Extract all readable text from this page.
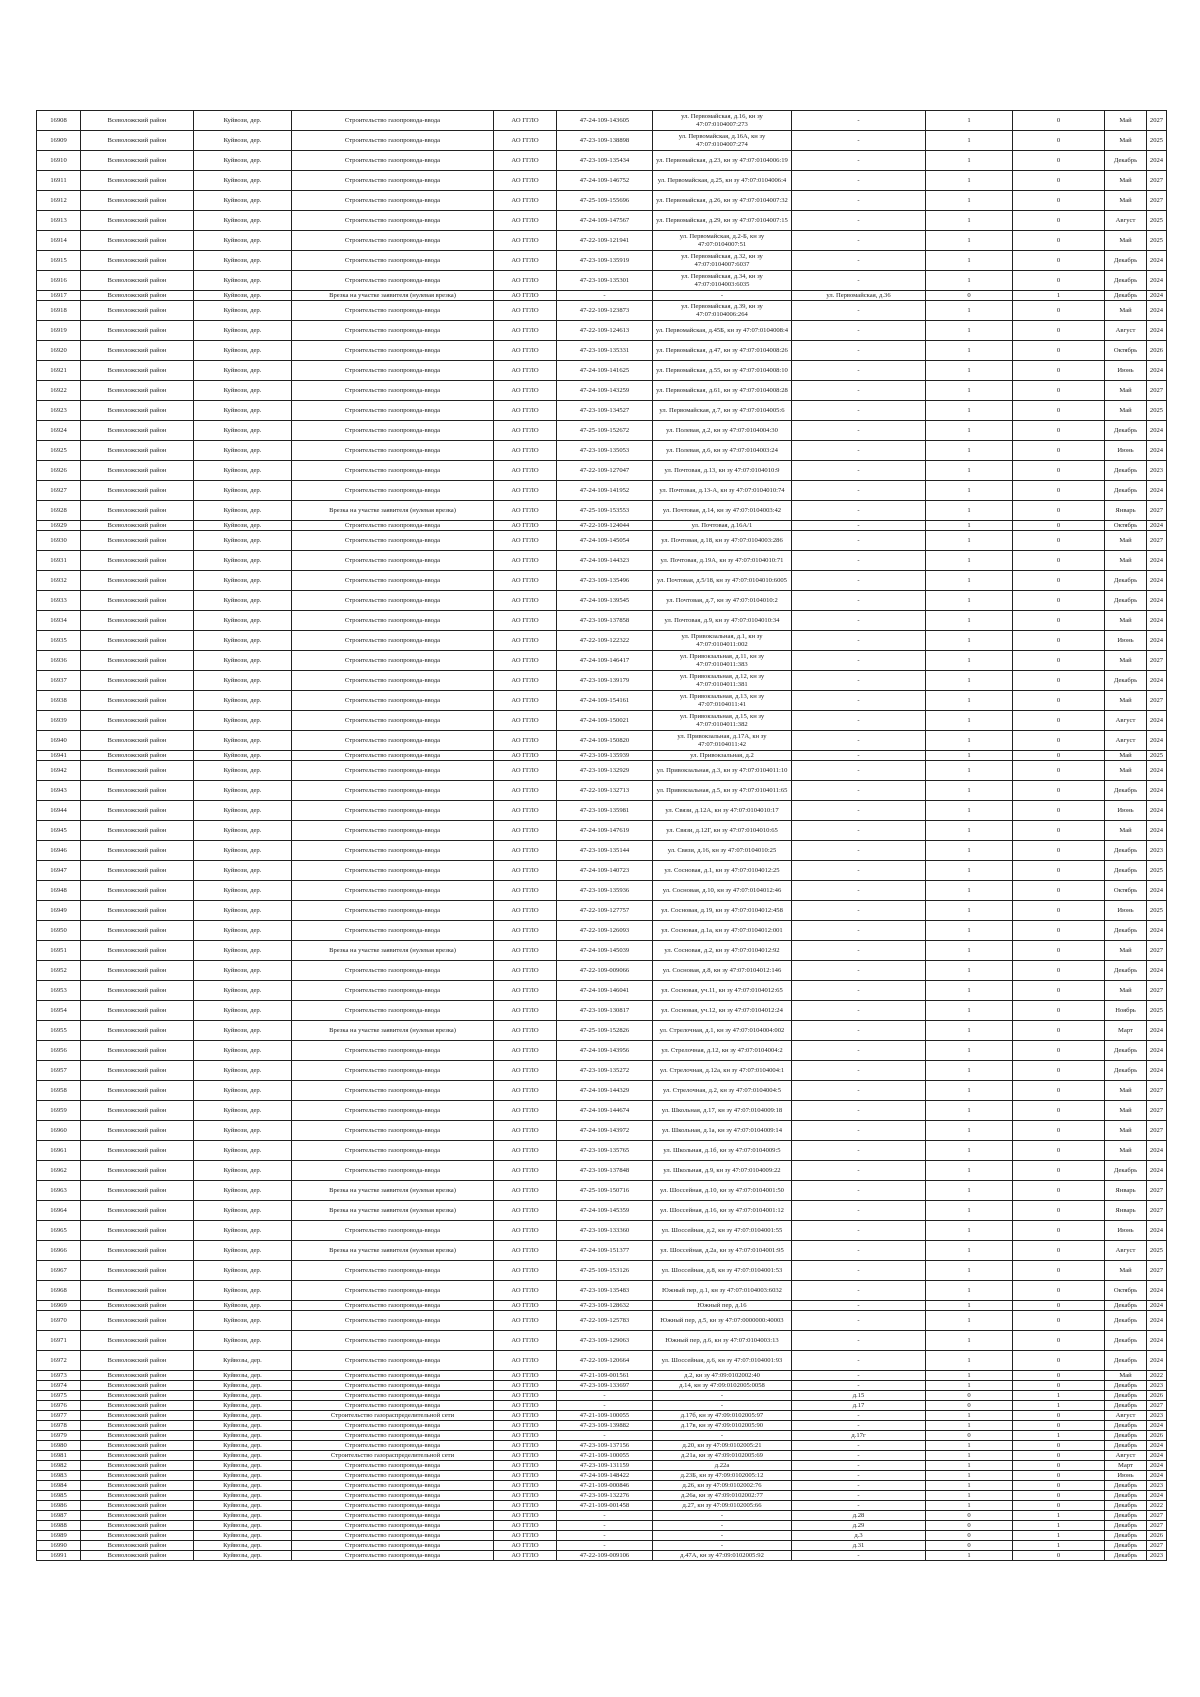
16908	Всеволожский район	Куйвози, дер.	Строительство газопровода-ввода	АО ГГЛО	47-24-109-143605	ул. Первомайская, д.16, кн зу 47:07:0104007:273	-	1	0	Май	2027
16909	Всеволожский район	Куйвози, дер.	Строительство газопровода-ввода	АО ГГЛО	47-23-109-138898	ул. Первомайская, д.16А, кн зу 47:07:0104007:274	-	1	0	Май	2025
16910	Всеволожский район	Куйвози, дер.	Строительство газопровода-ввода	АО ГГЛО	47-23-109-135434	ул. Первомайская, д.23, кн зу 47:07:0104006:19	-	1	0	Декабрь	2024
16911	Всеволожский район	Куйвози, дер.	Строительство газопровода-ввода	АО ГГЛО	47-24-109-146752	ул. Первомайская, д.25, кн зу 47:07:0104006:4	-	1	0	Май	2027
16912	Всеволожский район	Куйвози, дер.	Строительство газопровода-ввода	АО ГГЛО	47-25-109-155696	ул. Первомайская, д.26, кн зу 47:07:0104007:32	-	1	0	Май	2027
16913	Всеволожский район	Куйвози, дер.	Строительство газопровода-ввода	АО ГГЛО	47-24-109-147567	ул. Первомайская, д.29, кн зу 47:07:0104007:15	-	1	0	Август	2025
16914	Всеволожский район	Куйвози, дер.	Строительство газопровода-ввода	АО ГГЛО	47-22-109-121941	ул. Первомайская, д.2-Б, кн зу 47:07:0104007:51	-	1	0	Май	2025
16915	Всеволожский район	Куйвози, дер.	Строительство газопровода-ввода	АО ГГЛО	47-23-109-135919	ул. Первомайская, д.32, кн зу 47:07:0104007:6037	-	1	0	Декабрь	2024
16916	Всеволожский район	Куйвози, дер.	Строительство газопровода-ввода	АО ГГЛО	47-23-109-135301	ул. Первомайская, д.34, кн зу 47:07:0104003:6035	-	1	0	Декабрь	2024
16917	Всеволожский район	Куйвози, дер.	Врезка на участке заявителя (нулевая врезка)	АО ГГЛО	-	-	ул. Первомайская, д.36	0	1	Декабрь	2024
16918	Всеволожский район	Куйвози, дер.	Строительство газопровода-ввода	АО ГГЛО	47-22-109-123873	ул. Первомайская, д.39, кн зу 47:07:0104006:264	-	1	0	Май	2024
16919	Всеволожский район	Куйвози, дер.	Строительство газопровода-ввода	АО ГГЛО	47-22-109-124613	ул. Первомайская, д.45Б, кн зу 47:07:0104008:4	-	1	0	Август	2024
16920	Всеволожский район	Куйвози, дер.	Строительство газопровода-ввода	АО ГГЛО	47-23-109-135331	ул. Первомайская, д.47, кн зу 47:07:0104008:26	-	1	0	Октябрь	2026
16921	Всеволожский район	Куйвози, дер.	Строительство газопровода-ввода	АО ГГЛО	47-24-109-141625	ул. Первомайская, д.55, кн зу 47:07:0104008:10	-	1	0	Июнь	2024
16922	Всеволожский район	Куйвози, дер.	Строительство газопровода-ввода	АО ГГЛО	47-24-109-143259	ул. Первомайская, д.61, кн зу 47:07:0104008:28	-	1	0	Май	2027
16923	Всеволожский район	Куйвози, дер.	Строительство газопровода-ввода	АО ГГЛО	47-23-109-134527	ул. Первомайская, д.7, кн зу 47:07:0104005:6	-	1	0	Май	2025
16924	Всеволожский район	Куйвози, дер.	Строительство газопровода-ввода	АО ГГЛО	47-25-109-152672	ул. Полевая, д.2, кн зу 47:07:0104004:30	-	1	0	Декабрь	2024
16925	Всеволожский район	Куйвози, дер.	Строительство газопровода-ввода	АО ГГЛО	47-23-109-135053	ул. Полевая, д.6, кн зу 47:07:0104003:24	-	1	0	Июнь	2024
16926	Всеволожский район	Куйвози, дер.	Строительство газопровода-ввода	АО ГГЛО	47-22-109-127047	ул. Почтовая, д.13, кн зу 47:07:0104010:9	-	1	0	Декабрь	2023
16927	Всеволожский район	Куйвози, дер.	Строительство газопровода-ввода	АО ГГЛО	47-24-109-141952	ул. Почтовая, д.13-А, кн зу 47:07:0104010:74	-	1	0	Декабрь	2024
16928	Всеволожский район	Куйвози, дер.	Врезка на участке заявителя (нулевая врезка)	АО ГГЛО	47-25-109-153553	ул. Почтовая, д.14, кн зу 47:07:0104003:42	-	1	0	Январь	2027
16929	Всеволожский район	Куйвози, дер.	Строительство газопровода-ввода	АО ГГЛО	47-22-109-124044	ул. Почтовая, д.16А/1	-	1	0	Октябрь	2024
16930	Всеволожский район	Куйвози, дер.	Строительство газопровода-ввода	АО ГГЛО	47-24-109-145054	ул. Почтовая, д.18, кн зу 47:07:0104003:286	-	1	0	Май	2027
16931	Всеволожский район	Куйвози, дер.	Строительство газопровода-ввода	АО ГГЛО	47-24-109-144323	ул. Почтовая, д.19А, кн зу 47:07:0104010:71	-	1	0	Май	2024
16932	Всеволожский район	Куйвози, дер.	Строительство газопровода-ввода	АО ГГЛО	47-23-109-135496	ул. Почтовая, д.5/18, кн зу 47:07:0104010:6005	-	1	0	Декабрь	2024
16933	Всеволожский район	Куйвози, дер.	Строительство газопровода-ввода	АО ГГЛО	47-24-109-139545	ул. Почтовая, д.7, кн зу 47:07:0104010:2	-	1	0	Декабрь	2024
16934	Всеволожский район	Куйвози, дер.	Строительство газопровода-ввода	АО ГГЛО	47-23-109-137858	ул. Почтовая, д.9, кн зу 47:07:0104010:34	-	1	0	Май	2024
16935	Всеволожский район	Куйвози, дер.	Строительство газопровода-ввода	АО ГГЛО	47-22-109-122322	ул. Привокзальная, д.1, кн зу 47:07:0104011:002	-	1	0	Июнь	2024
16936	Всеволожский район	Куйвози, дер.	Строительство газопровода-ввода	АО ГГЛО	47-24-109-146417	ул. Привокзальная, д.11, кн зу 47:07:0104011:383	-	1	0	Май	2027
16937	Всеволожский район	Куйвози, дер.	Строительство газопровода-ввода	АО ГГЛО	47-23-109-139179	ул. Привокзальная, д.12, кн зу 47:07:0104011:381	-	1	0	Декабрь	2024
16938	Всеволожский район	Куйвози, дер.	Строительство газопровода-ввода	АО ГГЛО	47-24-109-154161	ул. Привокзальная, д.13, кн зу 47:07:0104011:41	-	1	0	Май	2027
16939	Всеволожский район	Куйвози, дер.	Строительство газопровода-ввода	АО ГГЛО	47-24-109-150021	ул. Привокзальная, д.15, кн зу 47:07:0104011:382	-	1	0	Август	2024
16940	Всеволожский район	Куйвози, дер.	Строительство газопровода-ввода	АО ГГЛО	47-24-109-150820	ул. Привокзальная, д.17А, кн зу 47:07:0104011:42	-	1	0	Август	2024
16941	Всеволожский район	Куйвози, дер.	Строительство газопровода-ввода	АО ГГЛО	47-23-109-135939	ул. Привокзальная, д.2	-	1	0	Май	2025
16942	Всеволожский район	Куйвози, дер.	Строительство газопровода-ввода	АО ГГЛО	47-23-109-132929	ул. Привокзальная, д.3, кн зу 47:07:0104011:10	-	1	0	Май	2024
16943	Всеволожский район	Куйвози, дер.	Строительство газопровода-ввода	АО ГГЛО	47-22-109-132713	ул. Привокзальная, д.5, кн зу 47:07:0104011:65	-	1	0	Декабрь	2024
16944	Всеволожский район	Куйвози, дер.	Строительство газопровода-ввода	АО ГГЛО	47-23-109-135981	ул. Связи, д.12А, кн зу 47:07:0104010:17	-	1	0	Июнь	2024
16945	Всеволожский район	Куйвози, дер.	Строительство газопровода-ввода	АО ГГЛО	47-24-109-147619	ул. Связи, д.12Г, кн зу 47:07:0104010:65	-	1	0	Май	2024
16946	Всеволожский район	Куйвози, дер.	Строительство газопровода-ввода	АО ГГЛО	47-23-109-135144	ул. Связи, д.16, кн зу 47:07:0104010:25	-	1	0	Декабрь	2023
16947	Всеволожский район	Куйвози, дер.	Строительство газопровода-ввода	АО ГГЛО	47-24-109-140723	ул. Сосновая, д.1, кн зу 47:07:0104012:25	-	1	0	Декабрь	2025
16948	Всеволожский район	Куйвози, дер.	Строительство газопровода-ввода	АО ГГЛО	47-23-109-135936	ул. Сосновая, д.10, кн зу 47:07:0104012:46	-	1	0	Октябрь	2024
16949	Всеволожский район	Куйвози, дер.	Строительство газопровода-ввода	АО ГГЛО	47-22-109-127757	ул. Сосновая, д.19, кн зу 47:07:0104012:458	-	1	0	Июнь	2025
16950	Всеволожский район	Куйвози, дер.	Строительство газопровода-ввода	АО ГГЛО	47-22-109-126093	ул. Сосновая, д.1а, кн зу 47:07:0104012:001	-	1	0	Декабрь	2024
16951	Всеволожский район	Куйвози, дер.	Врезка на участке заявителя (нулевая врезка)	АО ГГЛО	47-24-109-145039	ул. Сосновая, д.2, кн зу 47:07:0104012:92	-	1	0	Май	2027
16952	Всеволожский район	Куйвози, дер.	Строительство газопровода-ввода	АО ГГЛО	47-22-109-009066	ул. Сосновая, д.8, кн зу 47:07:0104012:146	-	1	0	Декабрь	2024
16953	Всеволожский район	Куйвози, дер.	Строительство газопровода-ввода	АО ГГЛО	47-24-109-146041	ул. Сосновая, уч.11, кн зу 47:07:0104012:65	-	1	0	Май	2027
16954	Всеволожский район	Куйвози, дер.	Строительство газопровода-ввода	АО ГГЛО	47-23-109-130817	ул. Сосновая, уч.12, кн зу 47:07:0104012:24	-	1	0	Ноябрь	2025
16955	Всеволожский район	Куйвози, дер.	Врезка на участке заявителя (нулевая врезка)	АО ГГЛО	47-25-109-152826	ул. Стрелочная, д.1, кн зу 47:07:0104004:002	-	1	0	Март	2024
16956	Всеволожский район	Куйвози, дер.	Строительство газопровода-ввода	АО ГГЛО	47-24-109-143956	ул. Стрелочная, д.12, кн зу 47:07:0104004:2	-	1	0	Декабрь	2024
16957	Всеволожский район	Куйвози, дер.	Строительство газопровода-ввода	АО ГГЛО	47-23-109-135272	ул. Стрелочная, д.12а, кн зу 47:07:0104004:1	-	1	0	Декабрь	2024
16958	Всеволожский район	Куйвози, дер.	Строительство газопровода-ввода	АО ГГЛО	47-24-109-144329	ул. Стрелочная, д.2, кн зу 47:07:0104004:5	-	1	0	Май	2027
16959	Всеволожский район	Куйвози, дер.	Строительство газопровода-ввода	АО ГГЛО	47-24-109-144674	ул. Школьная, д.17, кн зу 47:07:0104009:18	-	1	0	Май	2027
16960	Всеволожский район	Куйвози, дер.	Строительство газопровода-ввода	АО ГГЛО	47-24-109-143972	ул. Школьная, д.1а, кн зу 47:07:0104009:14	-	1	0	Май	2027
16961	Всеволожский район	Куйвози, дер.	Строительство газопровода-ввода	АО ГГЛО	47-23-109-135765	ул. Школьная, д.1б, кн зу 47:07:0104009:5	-	1	0	Май	2024
16962	Всеволожский район	Куйвози, дер.	Строительство газопровода-ввода	АО ГГЛО	47-23-109-137848	ул. Школьная, д.9, кн зу 47:07:0104009:22	-	1	0	Декабрь	2024
16963	Всеволожский район	Куйвози, дер.	Врезка на участке заявителя (нулевая врезка)	АО ГГЛО	47-25-109-150716	ул. Шоссейная, д.10, кн зу 47:07:0104001:50	-	1	0	Январь	2027
16964	Всеволожский район	Куйвози, дер.	Врезка на участке заявителя (нулевая врезка)	АО ГГЛО	47-24-109-145359	ул. Шоссейная, д.16, кн зу 47:07:0104001:12	-	1	0	Январь	2027
16965	Всеволожский район	Куйвози, дер.	Строительство газопровода-ввода	АО ГГЛО	47-23-109-133360	ул. Шоссейная, д.2, кн зу 47:07:0104001:55	-	1	0	Июнь	2024
16966	Всеволожский район	Куйвози, дер.	Врезка на участке заявителя (нулевая врезка)	АО ГГЛО	47-24-109-151377	ул. Шоссейная, д.2а, кн зу 47:07:0104001:95	-	1	0	Август	2025
16967	Всеволожский район	Куйвози, дер.	Строительство газопровода-ввода	АО ГГЛО	47-25-109-153126	ул. Шоссейная, д.8, кн зу 47:07:0104001:53	-	1	0	Май	2027
16968	Всеволожский район	Куйвози, дер.	Строительство газопровода-ввода	АО ГГЛО	47-23-109-135483	Южный пер, д.1, кн зу 47:07:0104003:6032	-	1	0	Октябрь	2024
16969	Всеволожский район	Куйвози, дер.	Строительство газопровода-ввода	АО ГГЛО	47-23-109-128632	Южный пер, д.16	-	1	0	Декабрь	2024
16970	Всеволожский район	Куйвози, дер.	Строительство газопровода-ввода	АО ГГЛО	47-22-109-125783	Южный пер, д.5, кн зу 47:07:0000000:40003	-	1	0	Декабрь	2024
16971	Всеволожский район	Куйвози, дер.	Строительство газопровода-ввода	АО ГГЛО	47-23-109-129063	Южный пер, д.6, кн зу 47:07:0104003:13	-	1	0	Декабрь	2024
16972	Всеволожский район	Куйвозы, дер.	Строительство газопровода-ввода	АО ГГЛО	47-22-109-120664	ул. Шоссейная, д.6, кн зу 47:07:0104001:93	-	1	0	Декабрь	2024
16973	Всеволожский район	Куйвозы, дер.	Строительство газопровода-ввода	АО ГГЛО	47-21-109-001561	д.2, кн зу 47:09:0102002:40	-	1	0	Май	2022
16974	Всеволожский район	Куйвозы, дер.	Строительство газопровода-ввода	АО ГГЛО	47-23-109-133697	д.14, кн зу 47:09:0102005:0058	-	1	0	Декабрь	2023
16975	Всеволожский район	Куйвозы, дер.	Строительство газопровода-ввода	АО ГГЛО	-	-	д.15	0	1	Декабрь	2026
16976	Всеволожский район	Куйвозы, дер.	Строительство газопровода-ввода	АО ГГЛО	-	-	д.17	0	1	Декабрь	2027
16977	Всеволожский район	Куйвозы, дер.	Строительство газораспределительной сети	АО ГГЛО	47-21-109-100055	д.17б, кн зу 47:09:0102005:97	-	1	0	Август	2023
16978	Всеволожский район	Куйвозы, дер.	Строительство газопровода-ввода	АО ГГЛО	47-23-109-139882	д.17в, кн зу 47:09:0102005:90	-	1	0	Декабрь	2024
16979	Всеволожский район	Куйвозы, дер.	Строительство газопровода-ввода	АО ГГЛО	-	-	д.17г	0	1	Декабрь	2026
16980	Всеволожский район	Куйвозы, дер.	Строительство газопровода-ввода	АО ГГЛО	47-23-109-137156	д.20, кн зу 47:09:0102005:21	-	1	0	Декабрь	2024
16981	Всеволожский район	Куйвозы, дер.	Строительство газораспределительной сети	АО ГГЛО	47-21-109-100055	д.21а, кн зу 47:09:0102005:69	-	1	0	Август	2024
16982	Всеволожский район	Куйвозы, дер.	Строительство газопровода-ввода	АО ГГЛО	47-23-109-131159	д.22а	-	1	0	Март	2024
16983	Всеволожский район	Куйвозы, дер.	Строительство газопровода-ввода	АО ГГЛО	47-24-109-148422	д.23Б, кн зу 47:09:0102005:12	-	1	0	Июнь	2024
16984	Всеволожский район	Куйвозы, дер.	Строительство газопровода-ввода	АО ГГЛО	47-21-109-000846	д.26, кн зу 47:09:0102002:76	-	1	0	Декабрь	2023
16985	Всеволожский район	Куйвозы, дер.	Строительство газопровода-ввода	АО ГГЛО	47-23-109-132276	д.26а, кн зу 47:09:0102002:77	-	1	0	Декабрь	2024
16986	Всеволожский район	Куйвозы, дер.	Строительство газопровода-ввода	АО ГГЛО	47-21-109-001458	д.27, кн зу 47:09:0102005:66	-	1	0	Декабрь	2022
16987	Всеволожский район	Куйвозы, дер.	Строительство газопровода-ввода	АО ГГЛО	-	-	д.28	0	1	Декабрь	2027
16988	Всеволожский район	Куйвозы, дер.	Строительство газопровода-ввода	АО ГГЛО	-	-	д.29	0	1	Декабрь	2027
16989	Всеволожский район	Куйвозы, дер.	Строительство газопровода-ввода	АО ГГЛО	-	-	д.3	0	1	Декабрь	2026
16990	Всеволожский район	Куйвозы, дер.	Строительство газопровода-ввода	АО ГГЛО	-	-	д.31	0	1	Декабрь	2027
16991	Всеволожский район	Куйвозы, дер.	Строительство газопровода-ввода	АО ГГЛО	47-22-109-009106	д.47А, кн зу 47:09:0102005:92	-	1	0	Декабрь	2023
